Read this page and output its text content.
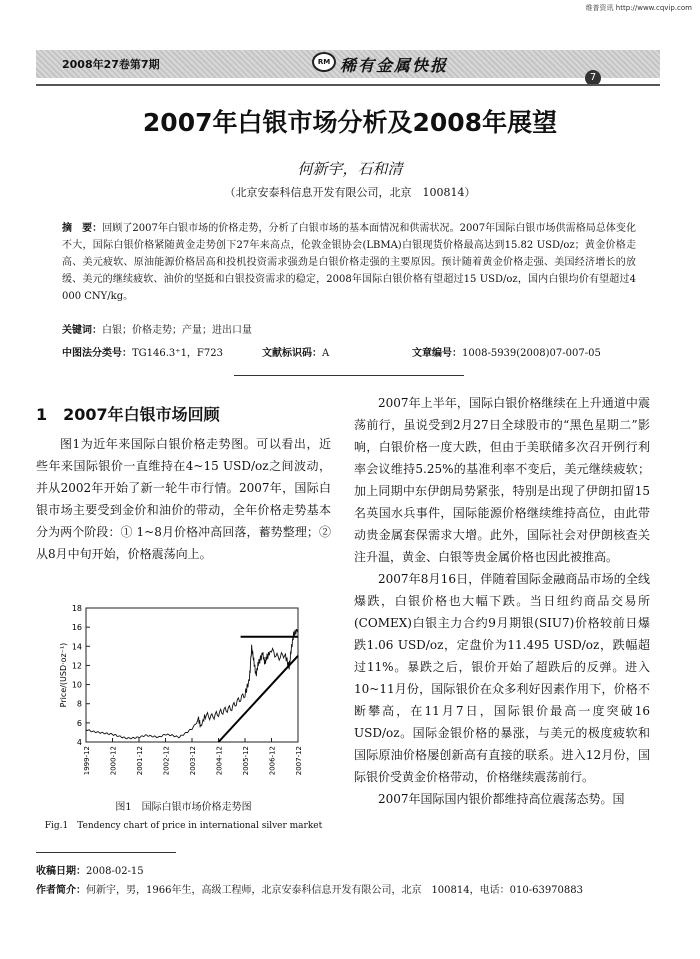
维普资讯 http://www.cqvip.com
2008年27卷第7期	RM 稀有金属快报
7
2007年白银市场分析及2008年展望
何新宇，石和清
（北京安泰科信息开发有限公司，北京　100814）
摘　要：回顾了2007年白银市场的价格走势，分析了白银市场的基本面情况和供需状况。2007年国际白银市场供需格局总体变化不大，国际白银价格紧随黄金走势创下27年来高点，伦敦金银协会(LBMA)白银现货价格最高达到15.82 USD/oz；黄金价格走高、美元疲软、原油能源价格居高和投机投资需求强劲是白银价格走强的主要原因。预计随着黄金价格走强、美国经济增长的放缓、美元的继续疲软、油价的坚挺和白银投资需求的稳定，2008年国际白银价格有望超过15 USD/oz，国内白银均价有望超过4 000 CNY/kg。
关键词：白银；价格走势；产量；进出口量
中图法分类号：TG146.3⁺1，F723	文献标识码：A	文章编号：1008-5939(2008)07-007-05
1　2007年白银市场回顾
图1为近年来国际白银价格走势图。可以看出，近些年来国际银价一直维持在4~15 USD/oz之间波动，并从2002年开始了新一轮牛市行情。2007年，国际白银市场主要受到金价和油价的带动，全年价格走势基本分为两个阶段：① 1~8月价格冲高回落，蓄势整理；② 从8月中旬开始，价格震荡向上。
4
6
8
10
12
14
16
18
1999-12	2000-12	2001-12	2002-12	2003-12	2004-12	2005-12	2006-12	2007-12
Price/(USD·oz⁻¹)
图1　国际白银市场价格走势图
Fig.1　Tendency chart of price in international silver market

2007年上半年，国际白银价格继续在上升通道中震荡前行，虽说受到2月27日全球股市的“黑色星期二”影响，白银价格一度大跌，但由于美联储多次召开例行利率会议维持5.25%的基准利率不变后，美元继续疲软；加上同期中东伊朗局势紧张，特别是出现了伊朗扣留15名英国水兵事件，国际能源价格继续维持高位，由此带动贵金属套保需求大增。此外，国际社会对伊朗核查关注升温，黄金、白银等贵金属价格也因此被推高。

2007年8月16日，伴随着国际金融商品市场的全线爆跌，白银价格也大幅下跌。当日纽约商品交易所(COMEX)白银主力合约9月期银(SIU7)价格较前日爆跌1.06 USD/oz，定盘价为11.495 USD/oz，跌幅超过11%。暴跌之后，银价开始了超跌后的反弹。进入10~11月份，国际银价在众多利好因素作用下，价格不断攀高，在11月7日，国际银价最高一度突破16 USD/oz。国际金银价格的暴涨，与美元的极度疲软和国际原油价格屡创新高有直接的联系。进入12月份，国际银价受黄金价格带动，价格继续震荡前行。

2007年国际国内银价都维持高位震荡态势。国

收稿日期：2008-02-15
作者简介：何新宇，男，1966年生，高级工程师，北京安泰科信息开发有限公司，北京　100814，电话：010-63970883
